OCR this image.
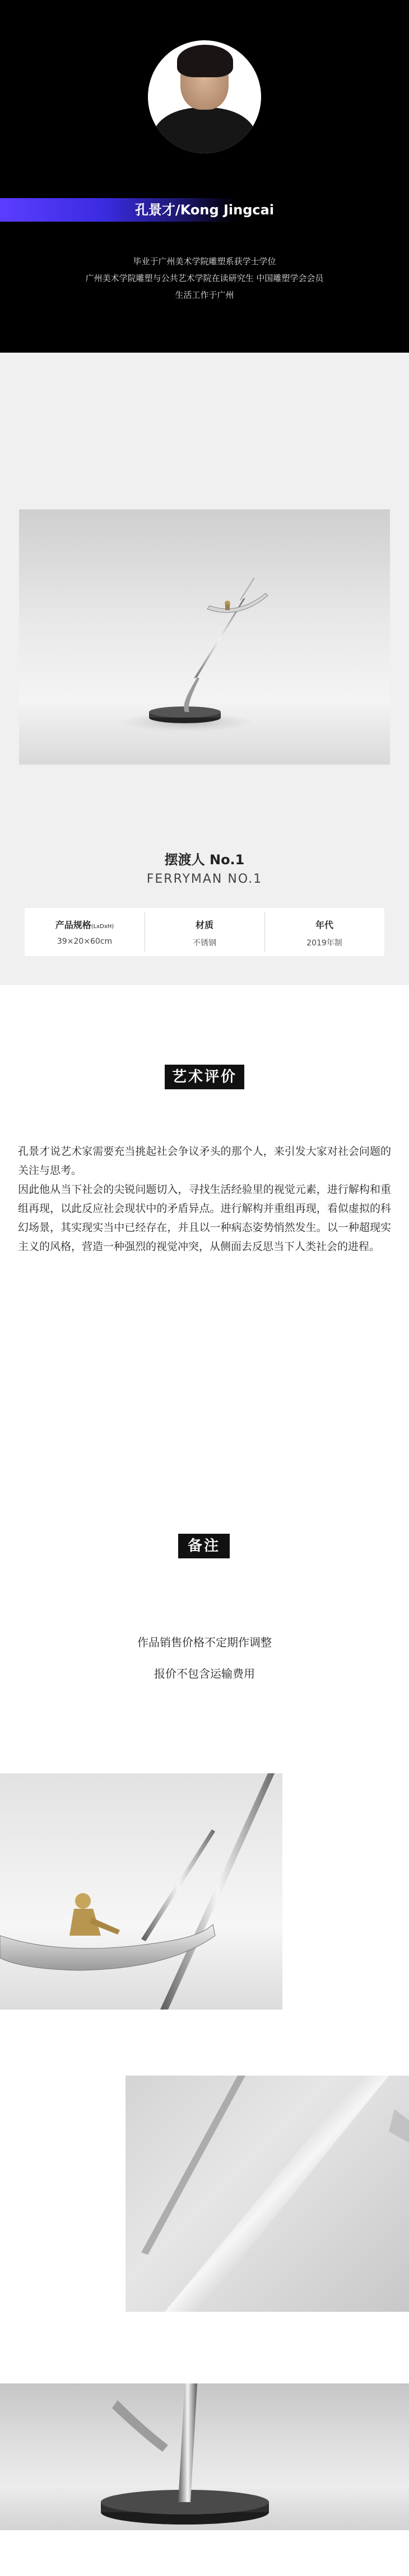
孔景才/Kong Jingcai
毕业于广州美术学院雕塑系获学士学位
广州美术学院雕塑与公共艺术学院在读研究生 中国雕塑学会会员
生活工作于广州
摆渡人 No.1
FERRYMAN NO.1
产品规格(LxDxH)
39×20×60cm
材质
不锈钢
年代
2019年制
艺术评价

孔景才说艺术家需要充当挑起社会争议矛头的那个人，来引发大家对社会问题的关注与思考。

因此他从当下社会的尖锐问题切入，寻找生活经验里的视觉元素，进行解构和重组再现，以此反应社会现状中的矛盾异点。进行解构并重组再现，看似虚拟的科幻场景，其实现实当中已经存在，并且以一种病态姿势悄然发生。以一种超现实主义的风格，营造一种强烈的视觉冲突，从侧面去反思当下人类社会的进程。

备注
作品销售价格不定期作调整
报价不包含运输费用
